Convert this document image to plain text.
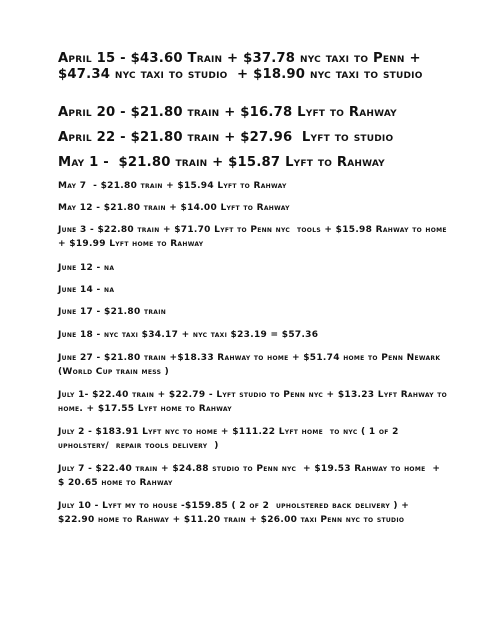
April 15 - $43.60 Train + $37.78 nyc taxi to Penn + $47.34 nyc taxi to studio  + $18.90 nyc taxi to studio

April 20 - $21.80 train + $16.78 Lyft to Rahway

April 22 - $21.80 train + $27.96  Lyft to studio

May 1 -  $21.80 train + $15.87 Lyft to Rahway

May 7  - $21.80 train + $15.94 Lyft to Rahway

May 12 - $21.80 train + $14.00 Lyft to Rahway

June 3 - $22.80 train + $71.70 Lyft to Penn nyc  tools + $15.98 Rahway to home + $19.99 Lyft home to Rahway

June 12 - na

June 14 - na

June 17 - $21.80 train

June 18 - nyc taxi $34.17 + nyc taxi $23.19 = $57.36

June 27 - $21.80 train +$18.33 Rahway to home + $51.74 home to Penn Newark (World Cup train mess )

July 1- $22.40 train + $22.79 - Lyft studio to Penn nyc + $13.23 Lyft Rahway to home. + $17.55 Lyft home to Rahway

July 2 - $183.91 Lyft nyc to home + $111.22 Lyft home  to nyc ( 1 of 2  upholstery/  repair tools delivery  )

July 7 - $22.40 train + $24.88 studio to Penn nyc  + $19.53 Rahway to home  + $ 20.65 home to Rahway

July 10 - Lyft my to house -$159.85 ( 2 of 2  upholstered back delivery ) + $22.90 home to Rahway + $11.20 train + $26.00 taxi Penn nyc to studio
